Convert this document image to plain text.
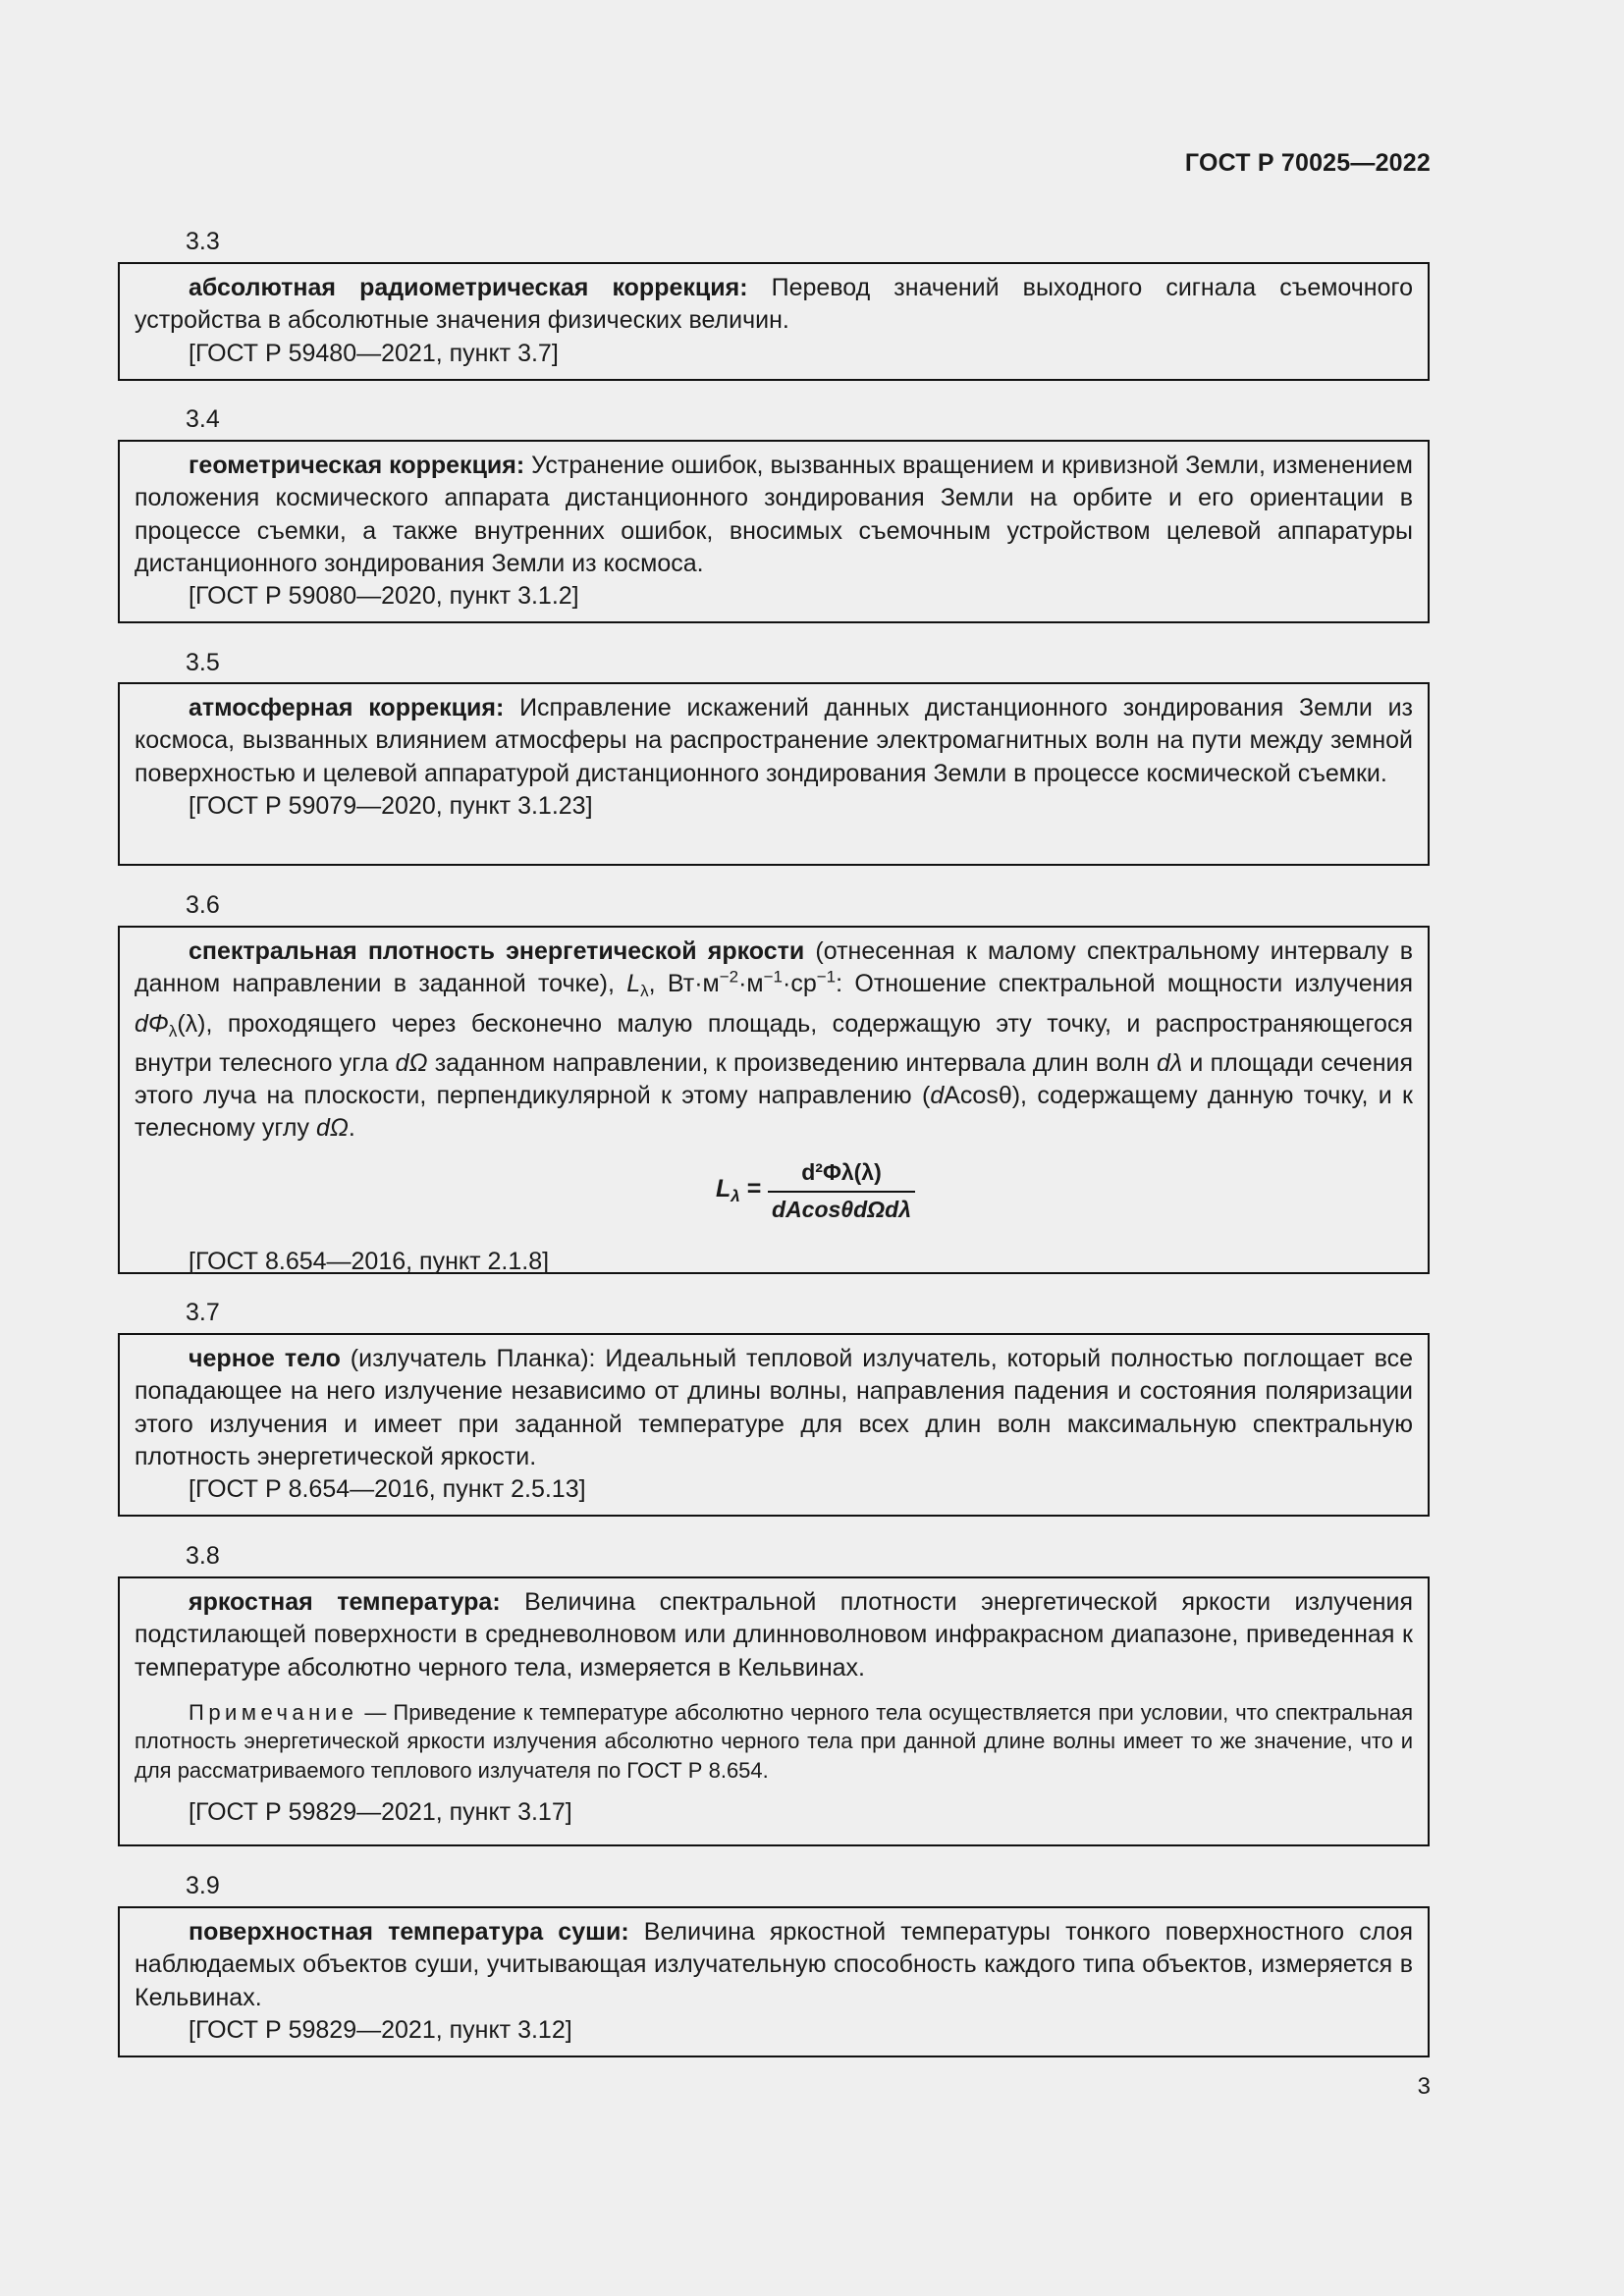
ГОСТ Р 70025—2022
3.3

абсолютная радиометрическая коррекция: Перевод значений выходного сигнала съемочного устройства в абсолютные значения физических величин.

[ГОСТ Р 59480—2021, пункт 3.7]

3.4

геометрическая коррекция: Устранение ошибок, вызванных вращением и кривизной Земли, изменением положения космического аппарата дистанционного зондирования Земли на орбите и его ориентации в процессе съемки, а также внутренних ошибок, вносимых съемочным устройством целевой аппаратуры дистанционного зондирования Земли из космоса.

[ГОСТ Р 59080—2020, пункт 3.1.2]

3.5

атмосферная коррекция: Исправление искажений данных дистанционного зондирования Земли из космоса, вызванных влиянием атмосферы на распространение электромагнитных волн на пути между земной поверхностью и целевой аппаратурой дистанционного зондирования Земли в процессе космической съемки.

[ГОСТ Р 59079—2020, пункт 3.1.23]

3.6

спектральная плотность энергетической яркости (отнесенная к малому спектральному интервалу в данном направлении в заданной точке), $L_\lambda$, $Вт\cdot м^{-2}\cdot м^{-1}\cdot ср^{-1}$: Отношение спектральной мощности излучения $d\Phi_\lambda(\lambda)$, проходящего через бесконечно малую площадь, содержащую эту точку, и распространяющегося внутри телесного угла dΩ заданном направлении, к произведению интервала длин волн dλ и площади сечения этого луча на плоскости, перпендикулярной к этому направлению (dAcosθ), содержащему данную точку, и к телесному углу dΩ.

$L_\lambda$ =
d²Φλ(λ)
dAcosθdΩdλ

[ГОСТ 8.654—2016, пункт 2.1.8]

3.7

черное тело (излучатель Планка): Идеальный тепловой излучатель, который полностью поглощает все попадающее на него излучение независимо от длины волны, направления падения и состояния поляризации этого излучения и имеет при заданной температуре для всех длин волн максимальную спектральную плотность энергетической яркости.

[ГОСТ Р 8.654—2016, пункт 2.5.13]

3.8

яркостная температура: Величина спектральной плотности энергетической яркости излучения подстилающей поверхности в средневолновом или длинноволновом инфракрасном диапазоне, приведенная к температуре абсолютно черного тела, измеряется в Кельвинах.

Примечание — Приведение к температуре абсолютно черного тела осуществляется при условии, что спектральная плотность энергетической яркости излучения абсолютно черного тела при данной длине волны имеет то же значение, что и для рассматриваемого теплового излучателя по ГОСТ Р 8.654.

[ГОСТ Р 59829—2021, пункт 3.17]

3.9

поверхностная температура суши: Величина яркостной температуры тонкого поверхностного слоя наблюдаемых объектов суши, учитывающая излучательную способность каждого типа объектов, измеряется в Кельвинах.

[ГОСТ Р 59829—2021, пункт 3.12]

3
